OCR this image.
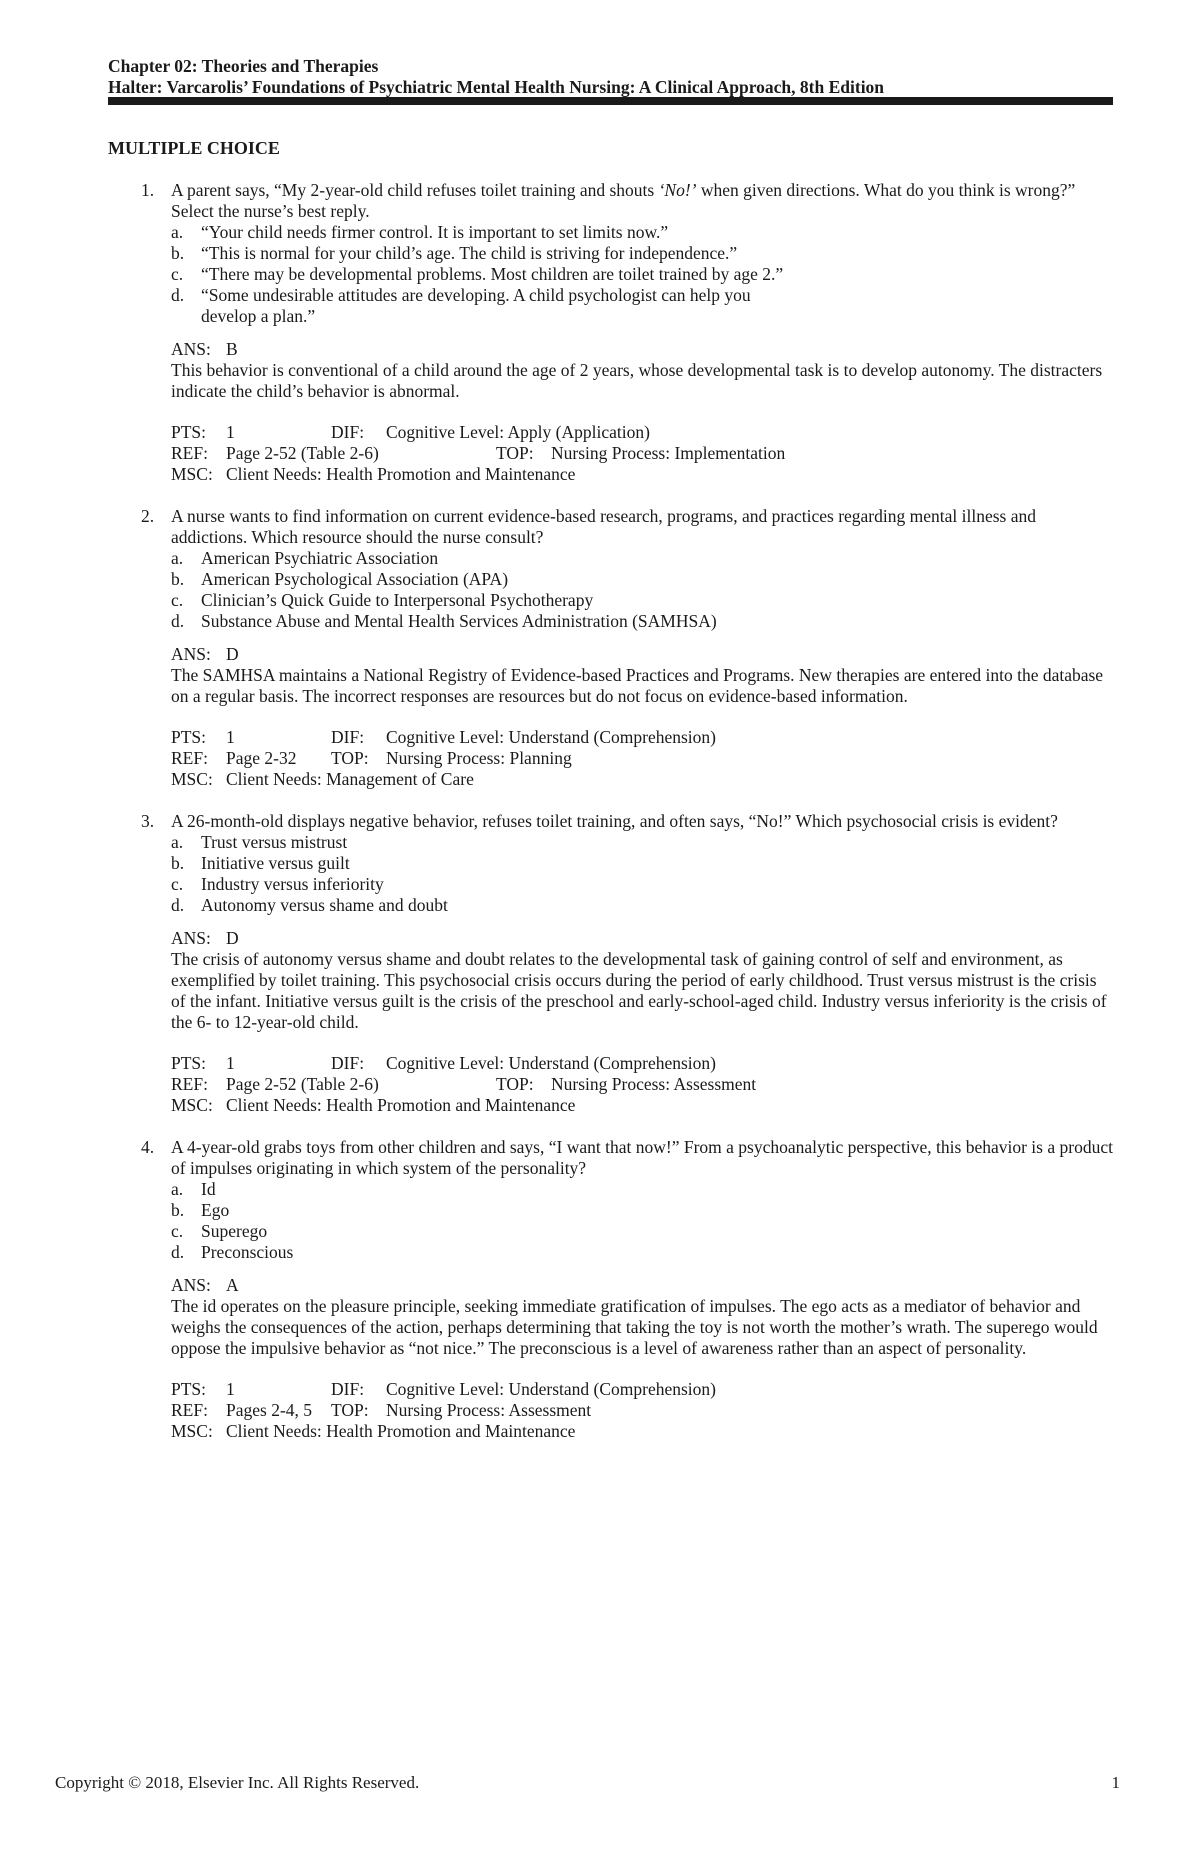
Chapter 02: Theories and Therapies
Halter: Varcarolis’ Foundations of Psychiatric Mental Health Nursing: A Clinical Approach, 8th Edition
MULTIPLE CHOICE
1. A parent says, “My 2-year-old child refuses toilet training and shouts ‘No!’ when given directions. What do you think is wrong?” Select the nurse’s best reply.
a. “Your child needs firmer control. It is important to set limits now.”
b. “This is normal for your child’s age. The child is striving for independence.”
c. “There may be developmental problems. Most children are toilet trained by age 2.”
d. “Some undesirable attitudes are developing. A child psychologist can help you develop a plan.”
ANS: B
This behavior is conventional of a child around the age of 2 years, whose developmental task is to develop autonomy. The distracters indicate the child’s behavior is abnormal.
PTS: 1	DIF: Cognitive Level: Apply (Application)
REF: Page 2-52 (Table 2-6)	TOP: Nursing Process: Implementation
MSC: Client Needs: Health Promotion and Maintenance
2. A nurse wants to find information on current evidence-based research, programs, and practices regarding mental illness and addictions. Which resource should the nurse consult?
a. American Psychiatric Association
b. American Psychological Association (APA)
c. Clinician’s Quick Guide to Interpersonal Psychotherapy
d. Substance Abuse and Mental Health Services Administration (SAMHSA)
ANS: D
The SAMHSA maintains a National Registry of Evidence-based Practices and Programs. New therapies are entered into the database on a regular basis. The incorrect responses are resources but do not focus on evidence-based information.
PTS: 1	DIF: Cognitive Level: Understand (Comprehension)
REF: Page 2-32 TOP: Nursing Process: Planning
MSC: Client Needs: Management of Care
3. A 26-month-old displays negative behavior, refuses toilet training, and often says, “No!” Which psychosocial crisis is evident?
a. Trust versus mistrust
b. Initiative versus guilt
c. Industry versus inferiority
d. Autonomy versus shame and doubt
ANS: D
The crisis of autonomy versus shame and doubt relates to the developmental task of gaining control of self and environment, as exemplified by toilet training. This psychosocial crisis occurs during the period of early childhood. Trust versus mistrust is the crisis of the infant. Initiative versus guilt is the crisis of the preschool and early-school-aged child. Industry versus inferiority is the crisis of the 6- to 12-year-old child.
PTS: 1	DIF: Cognitive Level: Understand (Comprehension)
REF: Page 2-52 (Table 2-6)	TOP: Nursing Process: Assessment
MSC: Client Needs: Health Promotion and Maintenance
4. A 4-year-old grabs toys from other children and says, “I want that now!” From a psychoanalytic perspective, this behavior is a product of impulses originating in which system of the personality?
a. Id
b. Ego
c. Superego
d. Preconscious
ANS: A
The id operates on the pleasure principle, seeking immediate gratification of impulses. The ego acts as a mediator of behavior and weighs the consequences of the action, perhaps determining that taking the toy is not worth the mother’s wrath. The superego would oppose the impulsive behavior as “not nice.” The preconscious is a level of awareness rather than an aspect of personality.
PTS: 1	DIF: Cognitive Level: Understand (Comprehension)
REF: Pages 2-4, 5 TOP: Nursing Process: Assessment
MSC: Client Needs: Health Promotion and Maintenance
Copyright © 2018, Elsevier Inc. All Rights Reserved.	1
